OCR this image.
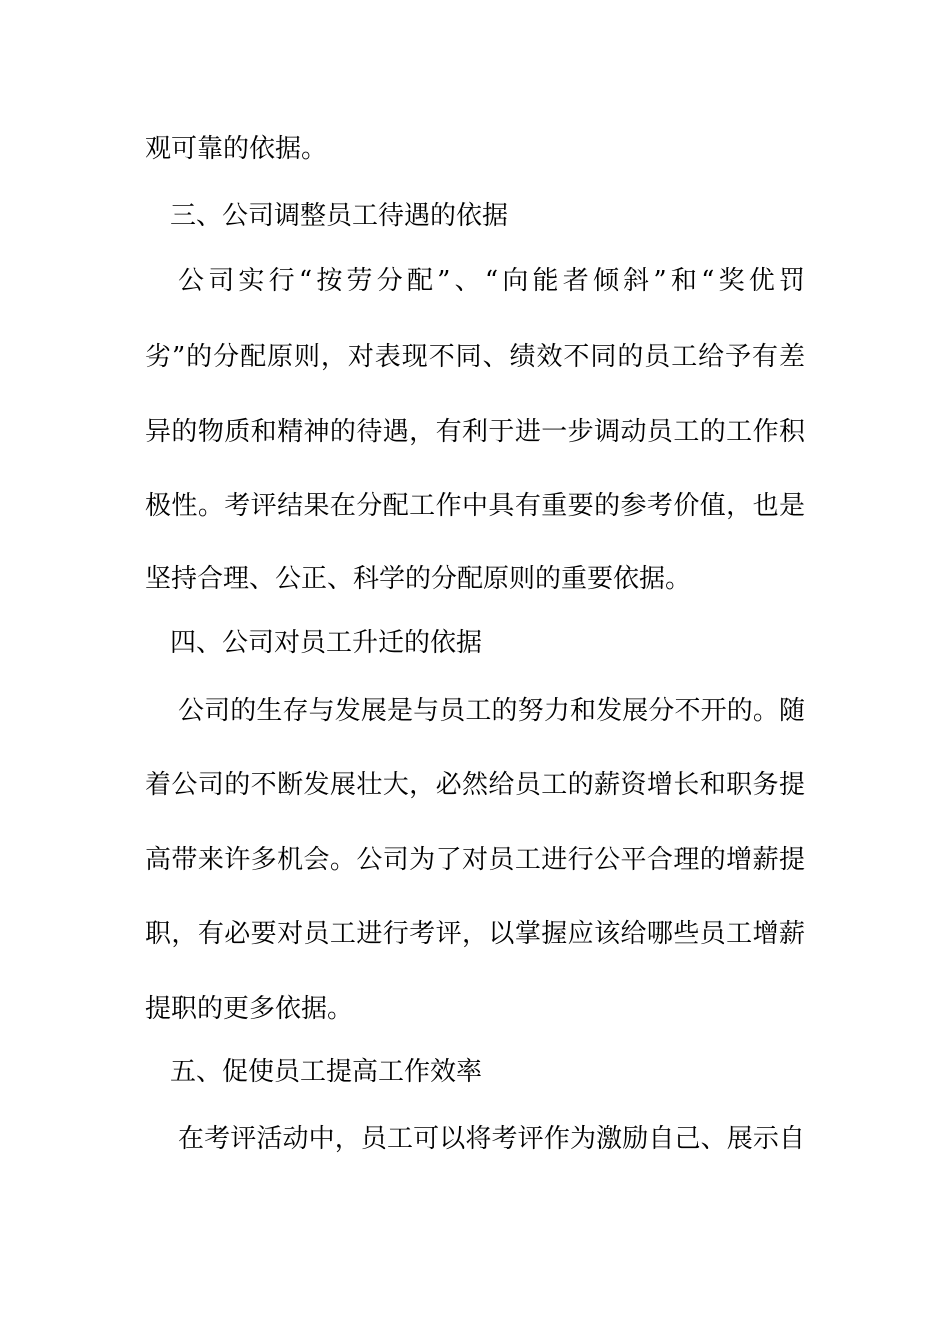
观可靠的依据。

三、公司调整员工待遇的依据

公司实行“按劳分配”、“向能者倾斜”和“奖优罚

劣”的分配原则，对表现不同、绩效不同的员工给予有差

异的物质和精神的待遇，有利于进一步调动员工的工作积

极性。考评结果在分配工作中具有重要的参考价值，也是

坚持合理、公正、科学的分配原则的重要依据。

四、公司对员工升迁的依据

公司的生存与发展是与员工的努力和发展分不开的。随

着公司的不断发展壮大，必然给员工的薪资增长和职务提

高带来许多机会。公司为了对员工进行公平合理的增薪提

职，有必要对员工进行考评，以掌握应该给哪些员工增薪

提职的更多依据。

五、促使员工提高工作效率

在考评活动中，员工可以将考评作为激励自己、展示自
